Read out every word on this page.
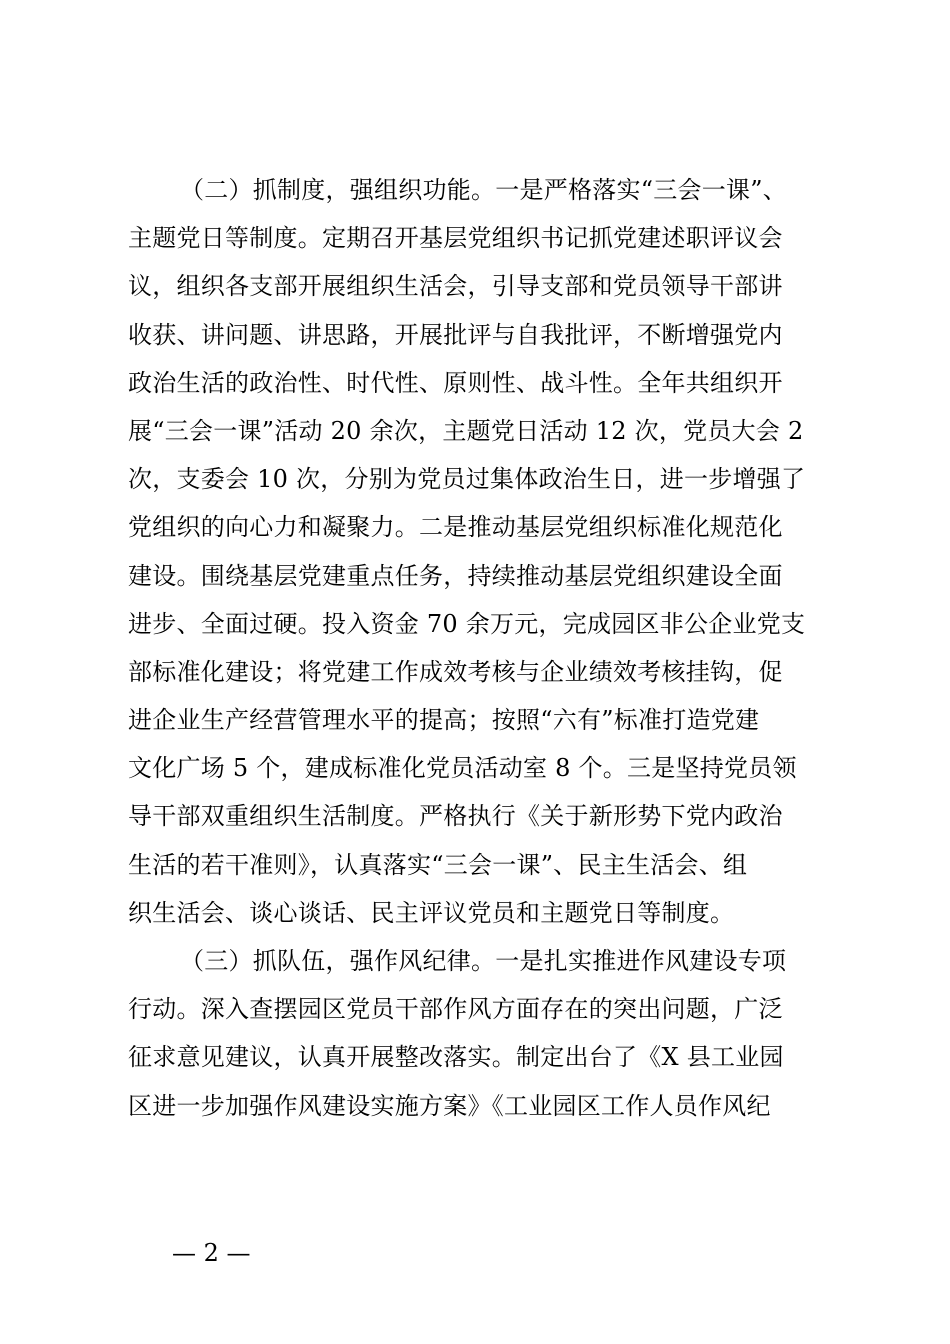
（二）抓制度，强组织功能。一是严格落实“三会一课”、
主题党日等制度。定期召开基层党组织书记抓党建述职评议会
议，组织各支部开展组织生活会，引导支部和党员领导干部讲
收获、讲问题、讲思路，开展批评与自我批评，不断增强党内
政治生活的政治性、时代性、原则性、战斗性。全年共组织开
展“三会一课”活动 20 余次，主题党日活动 12 次，党员大会 2
次，支委会 10 次，分别为党员过集体政治生日，进一步增强了
党组织的向心力和凝聚力。二是推动基层党组织标准化规范化
建设。围绕基层党建重点任务，持续推动基层党组织建设全面
进步、全面过硬。投入资金 70 余万元，完成园区非公企业党支
部标准化建设；将党建工作成效考核与企业绩效考核挂钩，促
进企业生产经营管理水平的提高；按照“六有”标准打造党建
文化广场 5 个，建成标准化党员活动室 8 个。三是坚持党员领
导干部双重组织生活制度。严格执行《关于新形势下党内政治
生活的若干准则》，认真落实“三会一课”、民主生活会、组
织生活会、谈心谈话、民主评议党员和主题党日等制度。
（三）抓队伍，强作风纪律。一是扎实推进作风建设专项
行动。深入查摆园区党员干部作风方面存在的突出问题，广泛
征求意见建议，认真开展整改落实。制定出台了《X 县工业园
区进一步加强作风建设实施方案》《工业园区工作人员作风纪
— 2 —
